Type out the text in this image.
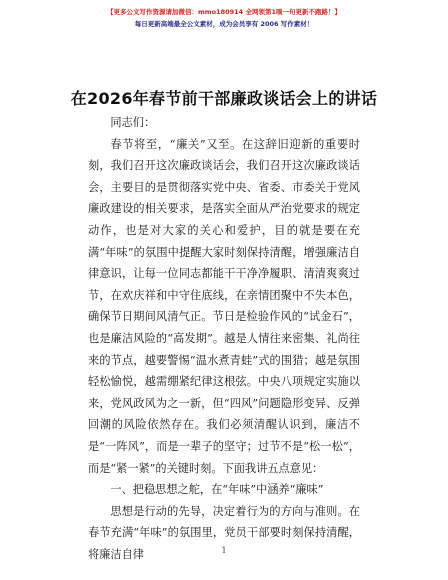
【更多公文写作资源请加微信：mmo180914 全网领第1嗅一句更新不跑路！】
每日更新高端最全公文素材，成为会员享有 2006 写作素材！
在2026年春节前干部廉政谈话会上的讲话

同志们：

春节将至，“廉关”又至。在这辞旧迎新的重要时刻，我们召开这次廉政谈话会，我们召开这次廉政谈话会，主要目的是贯彻落实党中央、省委、市委关于党风廉政建设的相关要求，是落实全面从严治党要求的规定动作，也是对大家的关心和爱护，目的就是要在充满“年味”的氛围中提醒大家时刻保持清醒，增强廉洁自律意识，让每一位同志都能干干净净履职、清清爽爽过节，在欢庆祥和中守住底线，在亲情团聚中不失本色，确保节日期间风清气正。节日是检验作风的“试金石”，也是廉洁风险的“高发期”。越是人情往来密集、礼尚往来的节点，越要警惕“温水煮青蛙”式的围猎；越是氛围轻松愉悦，越需绷紧纪律这根弦。中央八项规定实施以来，党风政风为之一新，但“四风”问题隐形变异、反弹回潮的风险依然存在。我们必须清醒认识到，廉洁不是“一阵风”，而是一辈子的坚守；过节不是“松一松”，而是“紧一紧”的关键时刻。下面我讲五点意见：

一、把稳思想之舵，在“年味”中涵养“廉味”

思想是行动的先导，决定着行为的方向与准则。在春节充满“年味”的氛围里，党员干部要时刻保持清醒，将廉洁自律	1
